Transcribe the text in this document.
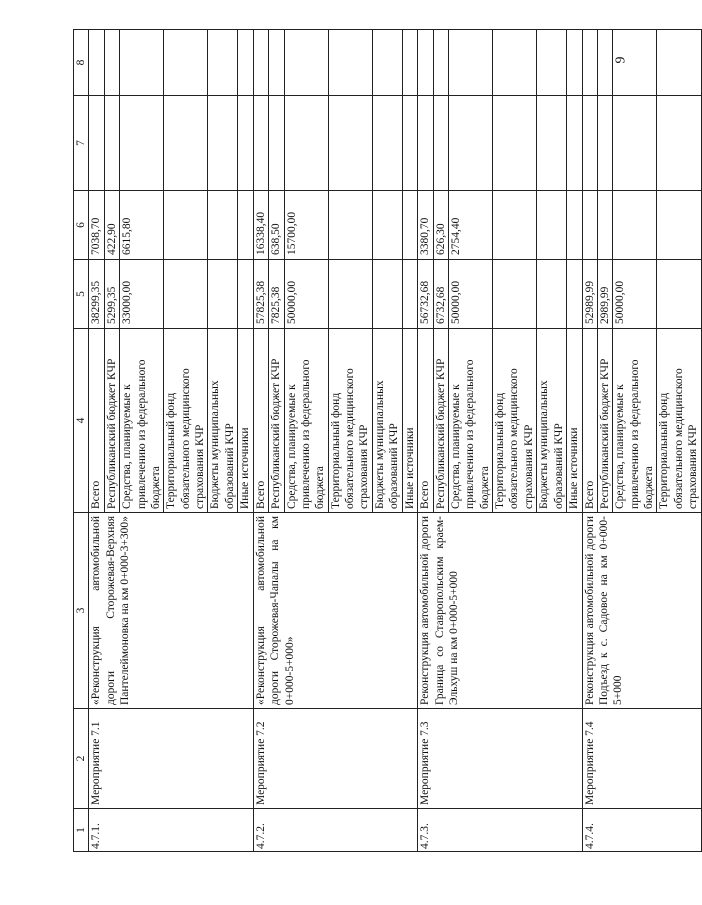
9
1	2	3	4	5	6	7	8
4.7.1.	Мероприятие 7.1	«Реконструкция автомобильной дороги Сторожевая-Верхняя Пантелеймоновка на км 0+000-3+300»	Всего	38299,35	7038,70		
			Республиканский бюджет КЧР	5299,35	422,90		
			Средства, планируемые к привлечению из федерального бюджета	33000,00	6615,80		
			Территориальный фонд обязательного медицинского страхования КЧР				
			Бюджеты муниципальных образований КЧР				
			Иные источники				
4.7.2.	Мероприятие 7.2	«Реконструкция автомобильной дороги Сторожевая-Чапалы на км 0+000-5+000»	Всего	57825,38	16338,40		
			Республиканский бюджет КЧР	7825,38	638,50		
			Средства, планируемые к привлечению из федерального бюджета	50000,00	15700,00		
			Территориальный фонд обязательного медицинского страхования КЧР				
			Бюджеты муниципальных образований КЧР				
			Иные источники				
4.7.3.	Мероприятие 7.3	Реконструкция автомобильной дороги Граница со Ставропольским краем-Эльхуш на км 0+000-5+000	Всего	56732,68	3380,70		
			Республиканский бюджет КЧР	6732,68	626,30		
			Средства, планируемые к привлечению из федерального бюджета	50000,00	2754,40		
			Территориальный фонд обязательного медицинского страхования КЧР				
			Бюджеты муниципальных образований КЧР				
			Иные источники				
4.7.4.	Мероприятие 7.4	Реконструкция автомобильной дороги Подъезд к с. Садовое на км 0+000-5+000	Всего	52989,99			
			Республиканский бюджет КЧР	2989,99			
			Средства, планируемые к привлечению из федерального бюджета	50000,00			
			Территориальный фонд обязательного медицинского страхования КЧР				
